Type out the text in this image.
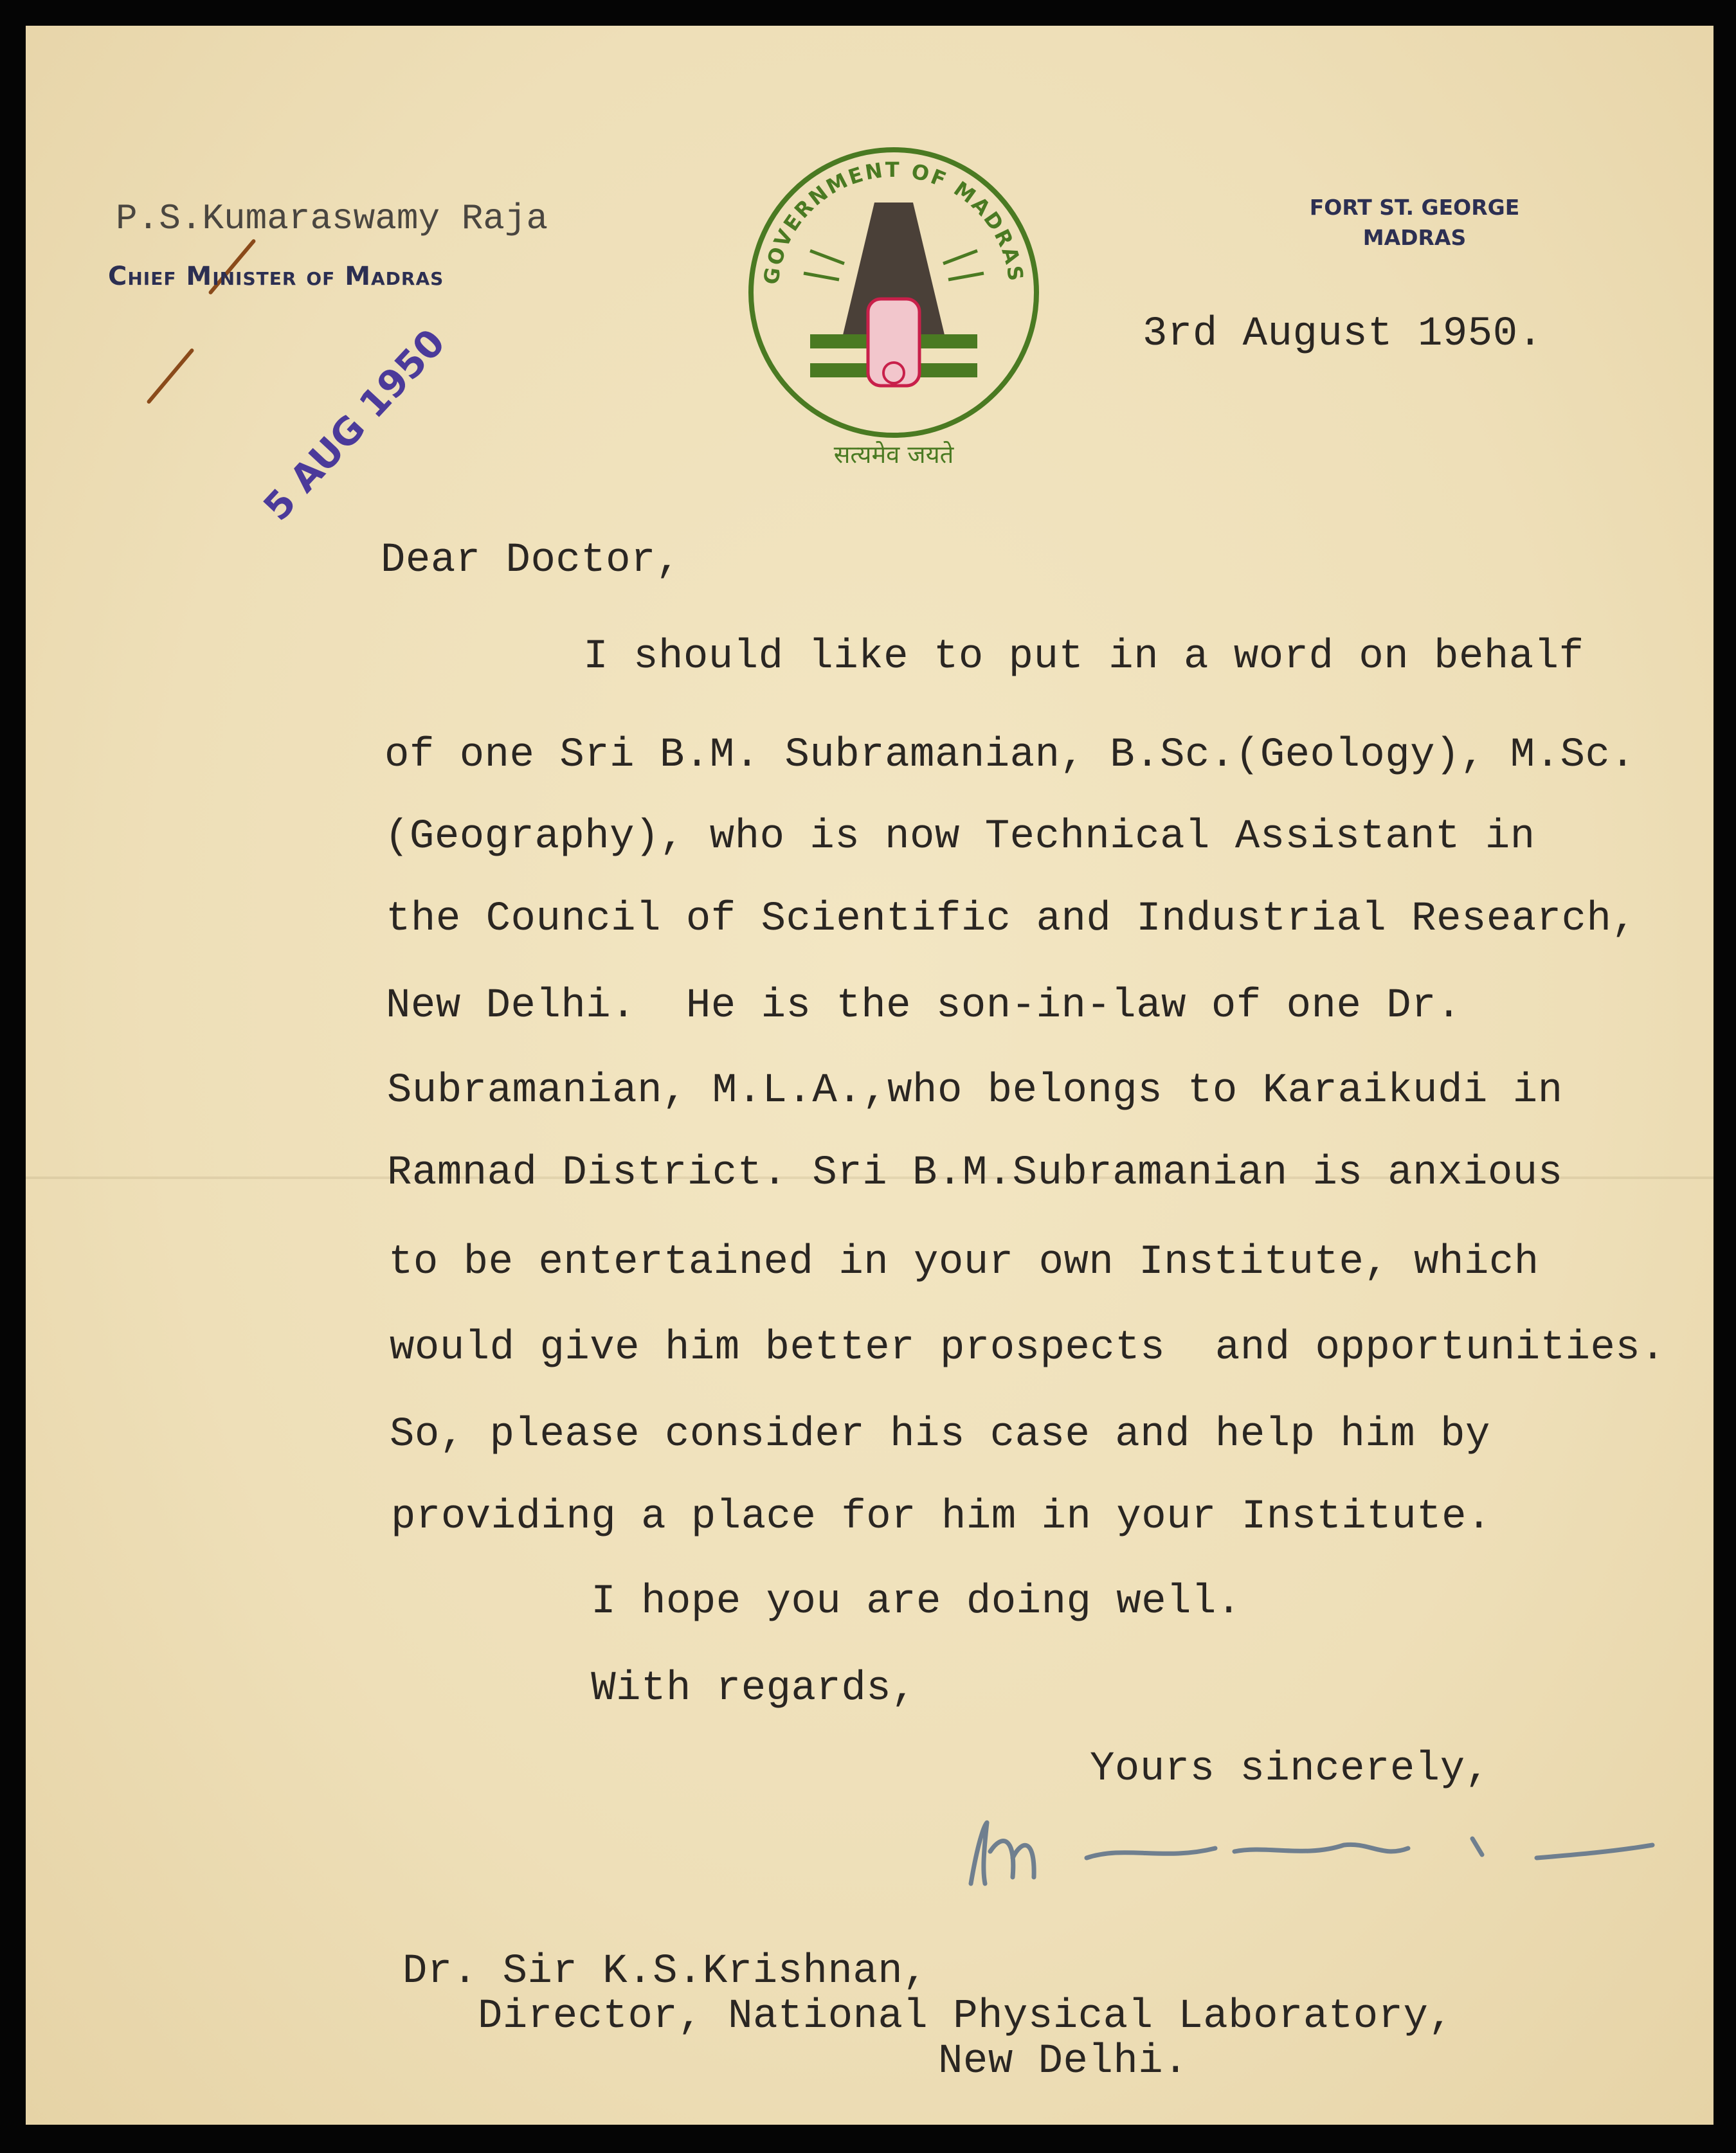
P.S.Kumaraswamy Raja
Chief Minister of Madras	GOVERNMENT OF MADRAS
सत्यमेव जयते
FORT ST. GEORGE
MADRAS
3rd August 1950.
5 AUG 1950
Dear Doctor,
I should like to put in a word on behalf
of one Sri B.M. Subramanian, B.Sc.(Geology), M.Sc.
(Geography), who is now Technical Assistant in
the Council of Scientific and Industrial Research,
New Delhi.  He is the son-in-law of one Dr.
Subramanian, M.L.A.,who belongs to Karaikudi in
Ramnad District. Sri B.M.Subramanian is anxious
to be entertained in your own Institute, which
would give him better prospects  and opportunities.
So, please consider his case and help him by
providing a place for him in your Institute.
I hope you are doing well.
With regards,
Yours sincerely,
Dr. Sir K.S.Krishnan,
Director, National Physical Laboratory,
New Delhi.
